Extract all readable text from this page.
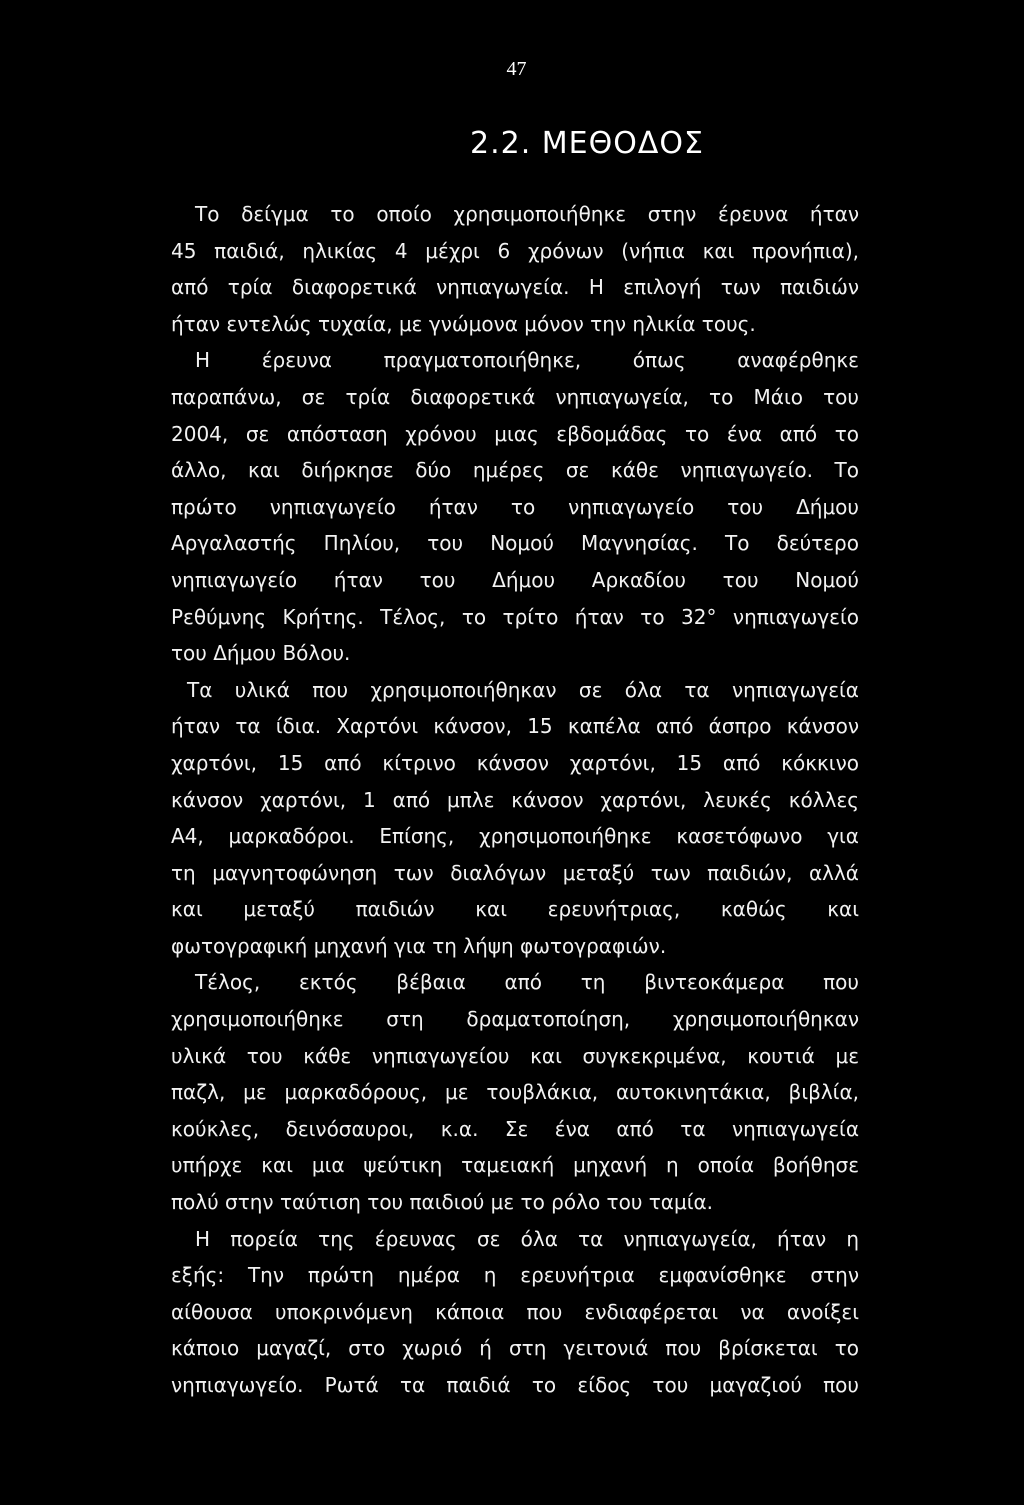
47
2.2. ΜΕΘΟΔΟΣ
Το δείγμα το οποίο χρησιμοποιήθηκε στην έρευνα ήταν
45 παιδιά, ηλικίας 4 μέχρι 6 χρόνων (νήπια και προνήπια),
από τρία διαφορετικά νηπιαγωγεία. Η επιλογή των παιδιών
ήταν εντελώς τυχαία, με γνώμονα μόνον την ηλικία τους.
Η έρευνα πραγματοποιήθηκε, όπως αναφέρθηκε
παραπάνω, σε τρία διαφορετικά νηπιαγωγεία, το Μάιο του
2004, σε απόσταση χρόνου μιας εβδομάδας το ένα από το
άλλο, και διήρκησε δύο ημέρες σε κάθε νηπιαγωγείο. Το
πρώτο νηπιαγωγείο ήταν το νηπιαγωγείο του Δήμου
Αργαλαστής Πηλίου, του Νομού Μαγνησίας. Το δεύτερο
νηπιαγωγείο ήταν του Δήμου Αρκαδίου του Νομού
Ρεθύμνης Κρήτης. Τέλος, το τρίτο ήταν το 32° νηπιαγωγείο
του Δήμου Βόλου.
Τα υλικά που χρησιμοποιήθηκαν σε όλα τα νηπιαγωγεία
ήταν τα ίδια. Χαρτόνι κάνσον, 15 καπέλα από άσπρο κάνσον
χαρτόνι, 15 από κίτρινο κάνσον χαρτόνι, 15 από κόκκινο
κάνσον χαρτόνι, 1 από μπλε κάνσον χαρτόνι, λευκές κόλλες
Α4, μαρκαδόροι. Επίσης, χρησιμοποιήθηκε κασετόφωνο για
τη μαγνητοφώνηση των διαλόγων μεταξύ των παιδιών, αλλά
και μεταξύ παιδιών και ερευνήτριας, καθώς και
φωτογραφική μηχανή για τη λήψη φωτογραφιών.
Τέλος, εκτός βέβαια από τη βιντεοκάμερα που
χρησιμοποιήθηκε στη δραματοποίηση, χρησιμοποιήθηκαν
υλικά του κάθε νηπιαγωγείου και συγκεκριμένα, κουτιά με
παζλ, με μαρκαδόρους, με τουβλάκια, αυτοκινητάκια, βιβλία,
κούκλες, δεινόσαυροι, κ.α. Σε ένα από τα νηπιαγωγεία
υπήρχε και μια ψεύτικη ταμειακή μηχανή η οποία βοήθησε
πολύ στην ταύτιση του παιδιού με το ρόλο του ταμία.
Η πορεία της έρευνας σε όλα τα νηπιαγωγεία, ήταν η
εξής: Την πρώτη ημέρα η ερευνήτρια εμφανίσθηκε στην
αίθουσα υποκρινόμενη κάποια που ενδιαφέρεται να ανοίξει
κάποιο μαγαζί, στο χωριό ή στη γειτονιά που βρίσκεται το
νηπιαγωγείο. Ρωτά τα παιδιά το είδος του μαγαζιού που
